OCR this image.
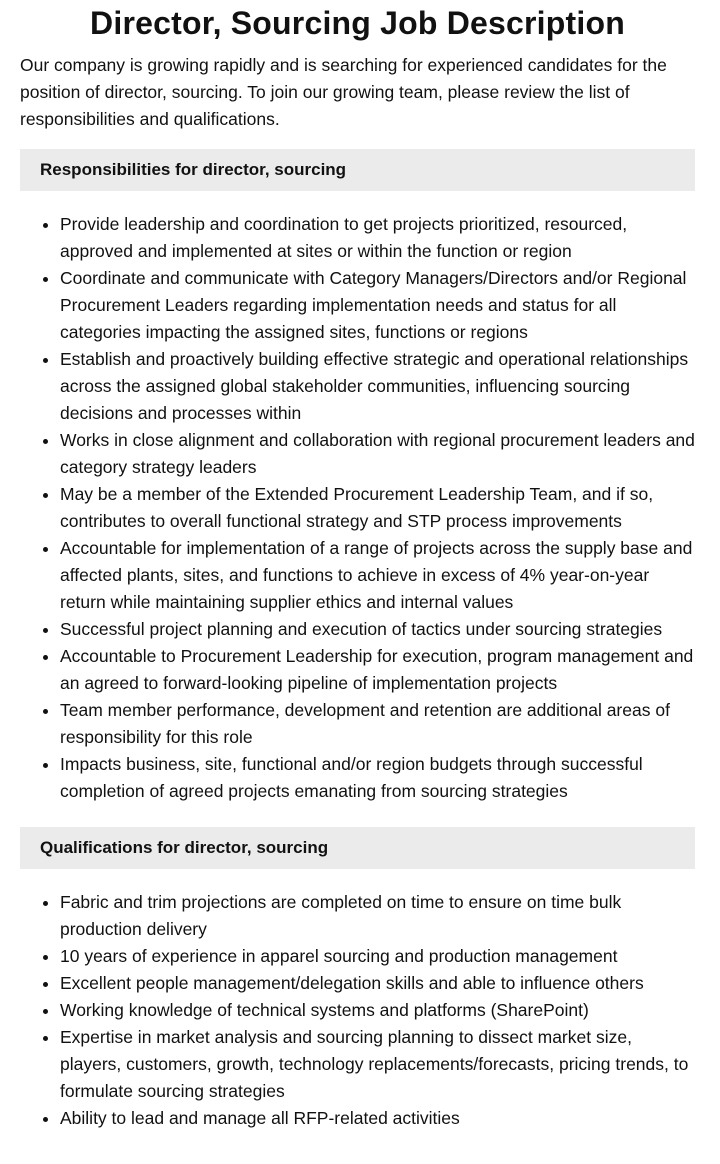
Director, Sourcing Job Description

Our company is growing rapidly and is searching for experienced candidates for the position of director, sourcing. To join our growing team, please review the list of responsibilities and qualifications.

Responsibilities for director, sourcing
• Provide leadership and coordination to get projects prioritized, resourced, approved and implemented at sites or within the function or region
• Coordinate and communicate with Category Managers/Directors and/or Regional Procurement Leaders regarding implementation needs and status for all categories impacting the assigned sites, functions or regions
• Establish and proactively building effective strategic and operational relationships across the assigned global stakeholder communities, influencing sourcing decisions and processes within
• Works in close alignment and collaboration with regional procurement leaders and category strategy leaders
• May be a member of the Extended Procurement Leadership Team, and if so, contributes to overall functional strategy and STP process improvements
• Accountable for implementation of a range of projects across the supply base and affected plants, sites, and functions to achieve in excess of 4% year-on-year return while maintaining supplier ethics and internal values
• Successful project planning and execution of tactics under sourcing strategies
• Accountable to Procurement Leadership for execution, program management and an agreed to forward-looking pipeline of implementation projects
• Team member performance, development and retention are additional areas of responsibility for this role
• Impacts business, site, functional and/or region budgets through successful completion of agreed projects emanating from sourcing strategies
Qualifications for director, sourcing
• Fabric and trim projections are completed on time to ensure on time bulk production delivery
• 10 years of experience in apparel sourcing and production management
• Excellent people management/delegation skills and able to influence others
• Working knowledge of technical systems and platforms (SharePoint)
• Expertise in market analysis and sourcing planning to dissect market size, players, customers, growth, technology replacements/forecasts, pricing trends, to formulate sourcing strategies
• Ability to lead and manage all RFP-related activities
